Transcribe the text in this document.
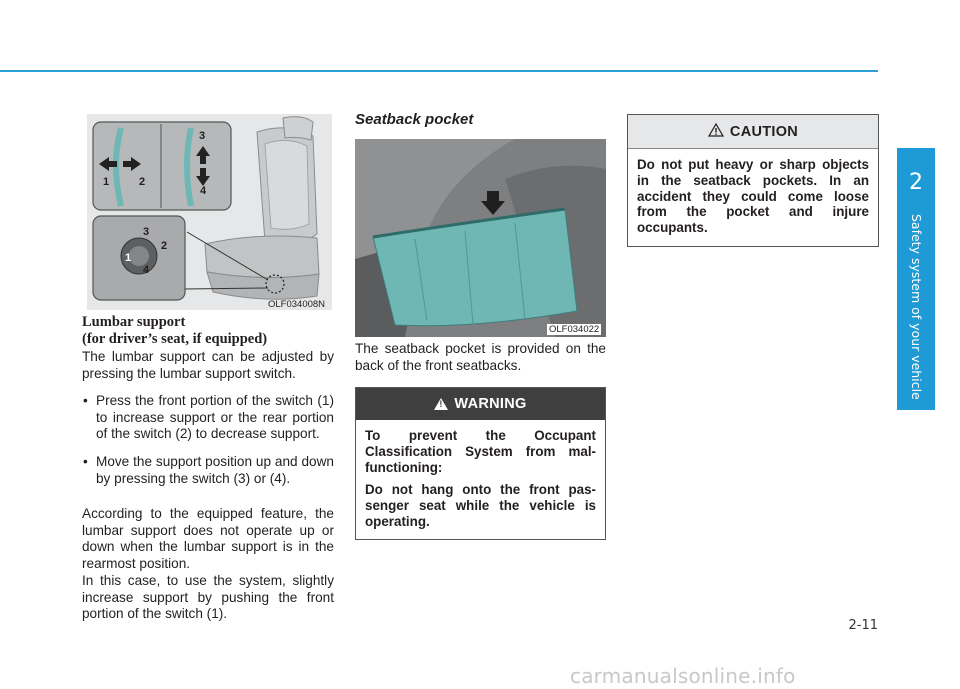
2
Safety system of your vehicle
1	2
3
4
1
2
3
4
OLF034008N
Lumbar support
(for driver’s seat, if equipped)

The lumbar support can be adjusted by pressing the lumbar support switch.

• Press the front portion of the switch (1) to increase support or the rear portion of the switch (2) to decrease support.

• Move the support position up and down by pressing the switch (3) or (4).

According to the equipped feature, the lumbar support does not operate up or down when the lumbar support is in the rearmost position.

In this case, to use the system, slightly increase support by pushing the front portion of the switch (1).

Seatback pocket
OLF034022

The seatback pocket is provided on the back of the front seatbacks.

!
WARNING

To prevent the Occupant Classification System from mal-functioning:

Do not hang onto the front pas-senger seat while the vehicle is operating.

CAUTION

Do not put heavy or sharp objects in the seatback pockets. In an accident they could come loose from the pocket and injure occupants.

2-11
carmanualsonline.info
